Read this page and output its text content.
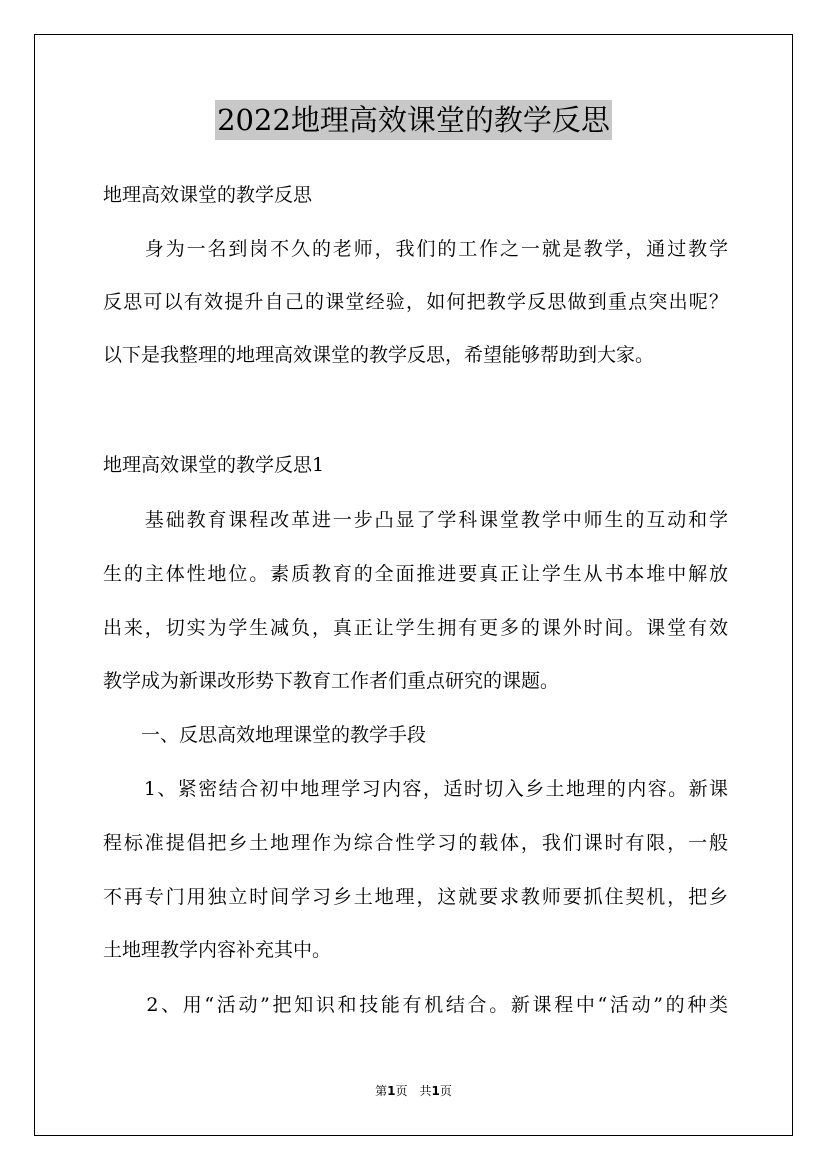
2022地理高效课堂的教学反思
地理高效课堂的教学反思
　　身为一名到岗不久的老师，我们的工作之一就是教学，通过教学
反思可以有效提升自己的课堂经验，如何把教学反思做到重点突出呢？
以下是我整理的地理高效课堂的教学反思，希望能够帮助到大家。
地理高效课堂的教学反思1
　　基础教育课程改革进一步凸显了学科课堂教学中师生的互动和学
生的主体性地位。素质教育的全面推进要真正让学生从书本堆中解放
出来，切实为学生减负，真正让学生拥有更多的课外时间。课堂有效
教学成为新课改形势下教育工作者们重点研究的课题。
　　一、反思高效地理课堂的教学手段
　　1、紧密结合初中地理学习内容，适时切入乡土地理的内容。新课
程标准提倡把乡土地理作为综合性学习的载体，我们课时有限，一般
不再专门用独立时间学习乡土地理，这就要求教师要抓住契机，把乡
土地理教学内容补充其中。
　　2、用“活动”把知识和技能有机结合。新课程中“活动”的种类
第1页　共1页
